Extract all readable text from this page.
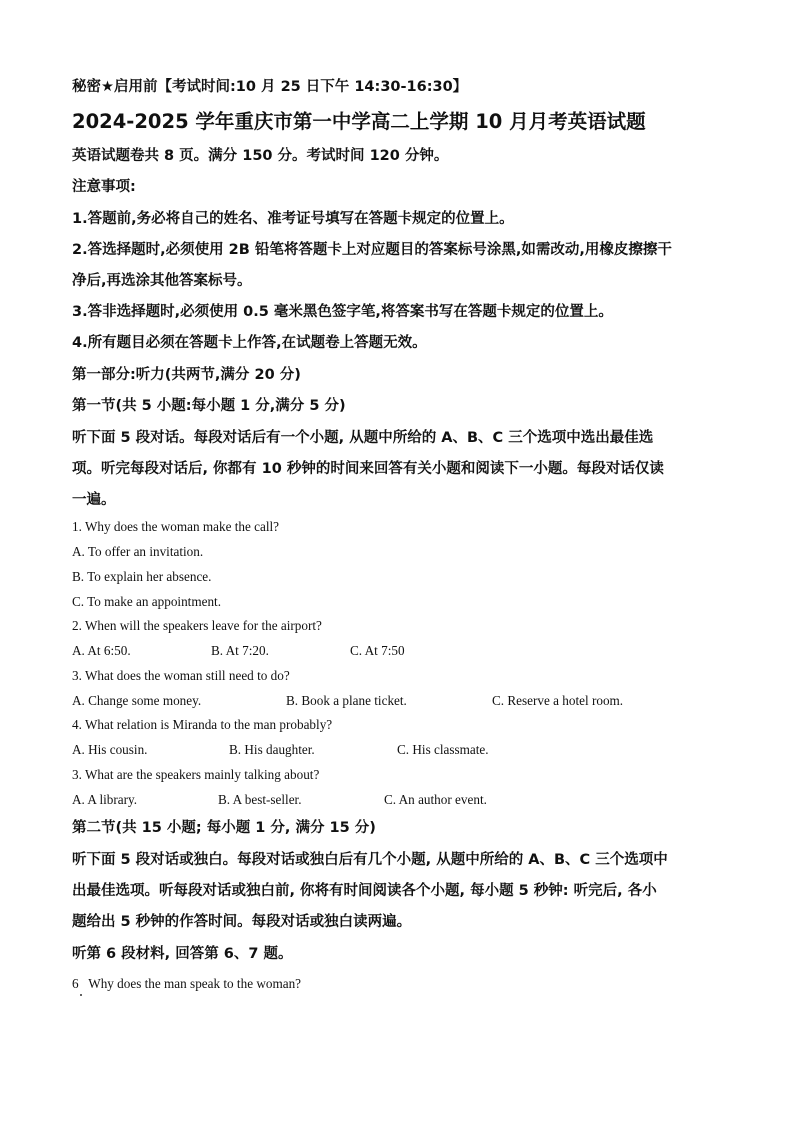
秘密★启用前【考试时间:10 月 25 日下午 14:30-16:30】
2024-2025 学年重庆市第一中学高二上学期 10 月月考英语试题
英语试题卷共 8 页。满分 150 分。考试时间 120 分钟。
注意事项:
1.答题前,务必将自己的姓名、准考证号填写在答题卡规定的位置上。
2.答选择题时,必须使用 2B 铅笔将答题卡上对应题目的答案标号涂黑,如需改动,用橡皮擦擦干
净后,再选涂其他答案标号。
3.答非选择题时,必须使用 0.5 毫米黑色签字笔,将答案书写在答题卡规定的位置上。
4.所有题目必须在答题卡上作答,在试题卷上答题无效。
第一部分:听力(共两节,满分 20 分)
第一节(共 5 小题:每小题 1 分,满分 5 分)
听下面 5 段对话。每段对话后有一个小题, 从题中所给的 A、B、C 三个选项中选出最佳选
项。听完每段对话后, 你都有 10 秒钟的时间来回答有关小题和阅读下一小题。每段对话仅读
一遍。
1. Why does the woman make the call?
A. To offer an invitation.
B. To explain her absence.
C. To make an appointment.
2. When will the speakers leave for the airport?
A. At 6:50.	B. At 7:20.	C. At 7:50
3. What does the woman still need to do?
A. Change some money.	B. Book a plane ticket.	C. Reserve a hotel room.
4. What relation is Miranda to the man probably?
A. His cousin.	B. His daughter.	C. His classmate.
3. What are the speakers mainly talking about?
A. A library.	B. A best-seller.	C. An author event.
第二节(共 15 小题; 每小题 1 分, 满分 15 分)
听下面 5 段对话或独白。每段对话或独白后有几个小题, 从题中所给的 A、B、C 三个选项中
出最佳选项。听每段对话或独白前, 你将有时间阅读各个小题, 每小题 5 秒钟: 听完后, 各小
题给出 5 秒钟的作答时间。每段对话或独白读两遍。
听第 6 段材料, 回答第 6、7 题。
6   Why does the man speak to the woman?
